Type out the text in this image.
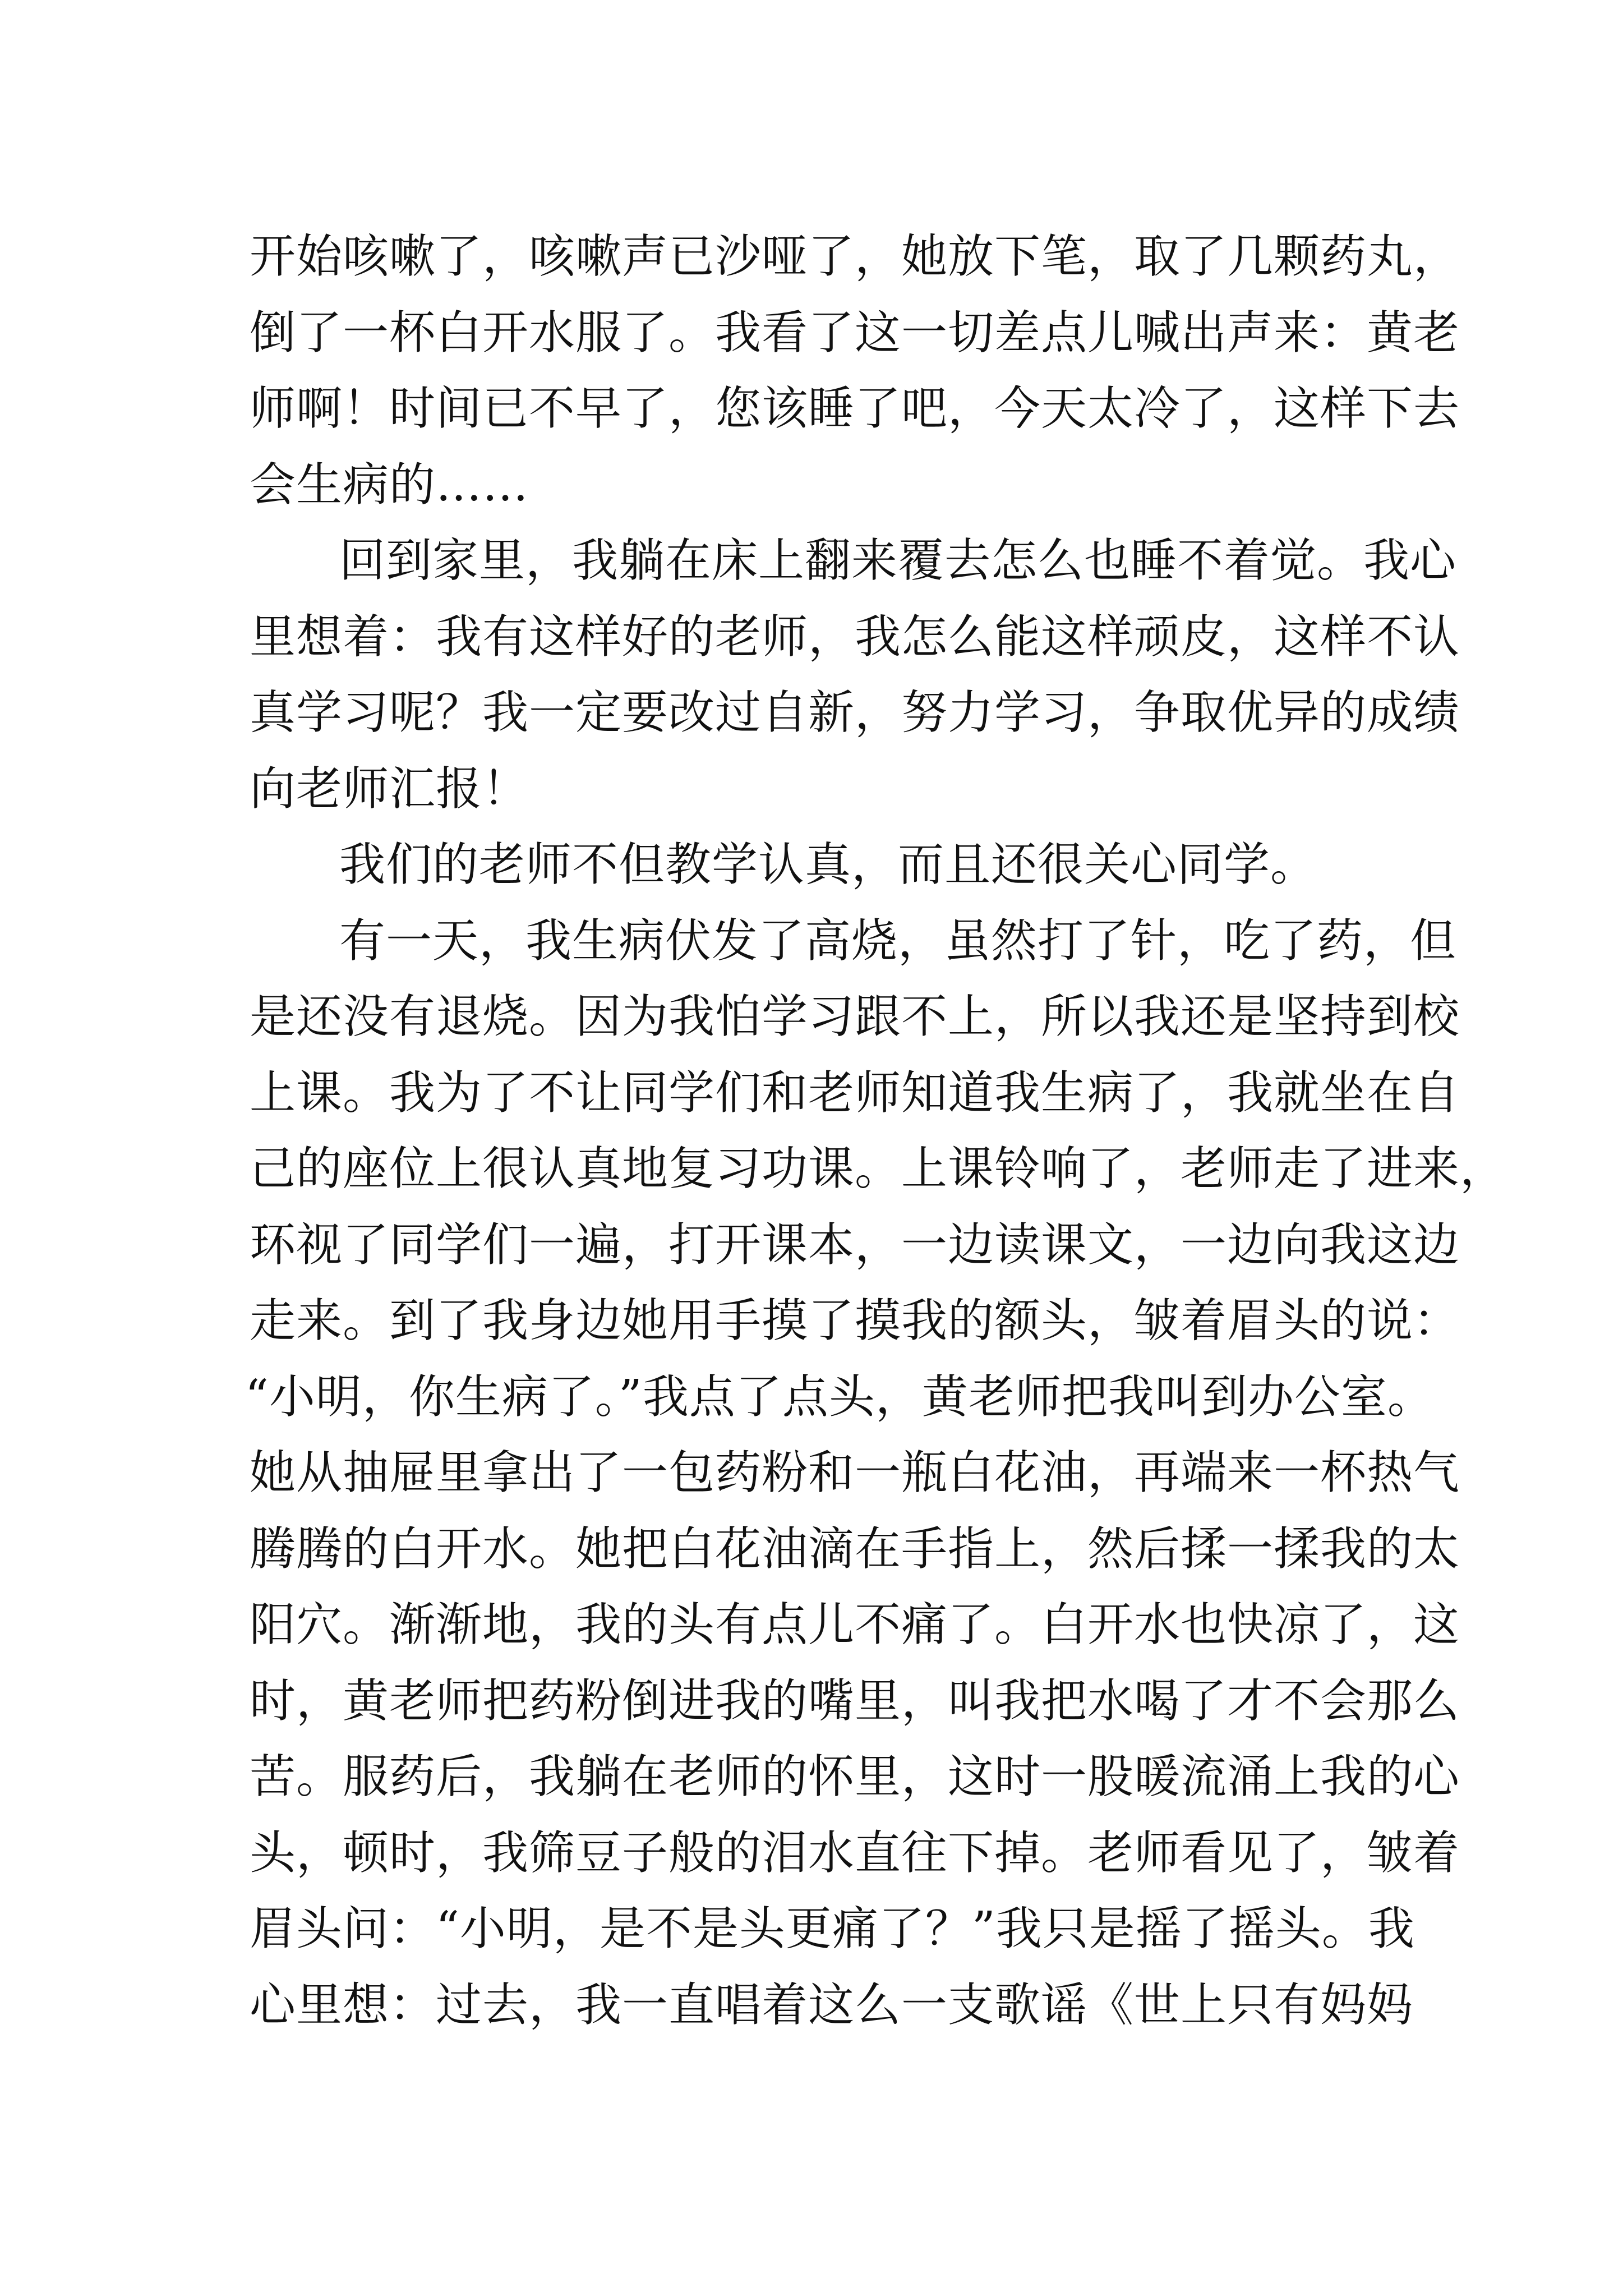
开始咳嗽了，咳嗽声已沙哑了，她放下笔，取了几颗药丸，
倒了一杯白开水服了。我看了这一切差点儿喊出声来：黄老
师啊！时间已不早了，您该睡了吧，今天太冷了，这样下去
会生病的……
回到家里，我躺在床上翻来覆去怎么也睡不着觉。我心
里想着：我有这样好的老师，我怎么能这样顽皮，这样不认
真学习呢？我一定要改过自新，努力学习，争取优异的成绩
向老师汇报！
我们的老师不但教学认真，而且还很关心同学。
有一天，我生病伏发了高烧，虽然打了针，吃了药，但
是还没有退烧。因为我怕学习跟不上，所以我还是坚持到校
上课。我为了不让同学们和老师知道我生病了，我就坐在自
己的座位上很认真地复习功课。上课铃响了，老师走了进来，
环视了同学们一遍，打开课本，一边读课文，一边向我这边
走来。到了我身边她用手摸了摸我的额头，皱着眉头的说：
“小明，你生病了。”我点了点头，黄老师把我叫到办公室。
她从抽屉里拿出了一包药粉和一瓶白花油，再端来一杯热气
腾腾的白开水。她把白花油滴在手指上，然后揉一揉我的太
阳穴。渐渐地，我的头有点儿不痛了。白开水也快凉了，这
时，黄老师把药粉倒进我的嘴里，叫我把水喝了才不会那么
苦。服药后，我躺在老师的怀里，这时一股暖流涌上我的心
头，顿时，我筛豆子般的泪水直往下掉。老师看见了，皱着
眉头问：“小明，是不是头更痛了？”我只是摇了摇头。我
心里想：过去，我一直唱着这么一支歌谣《世上只有妈妈
